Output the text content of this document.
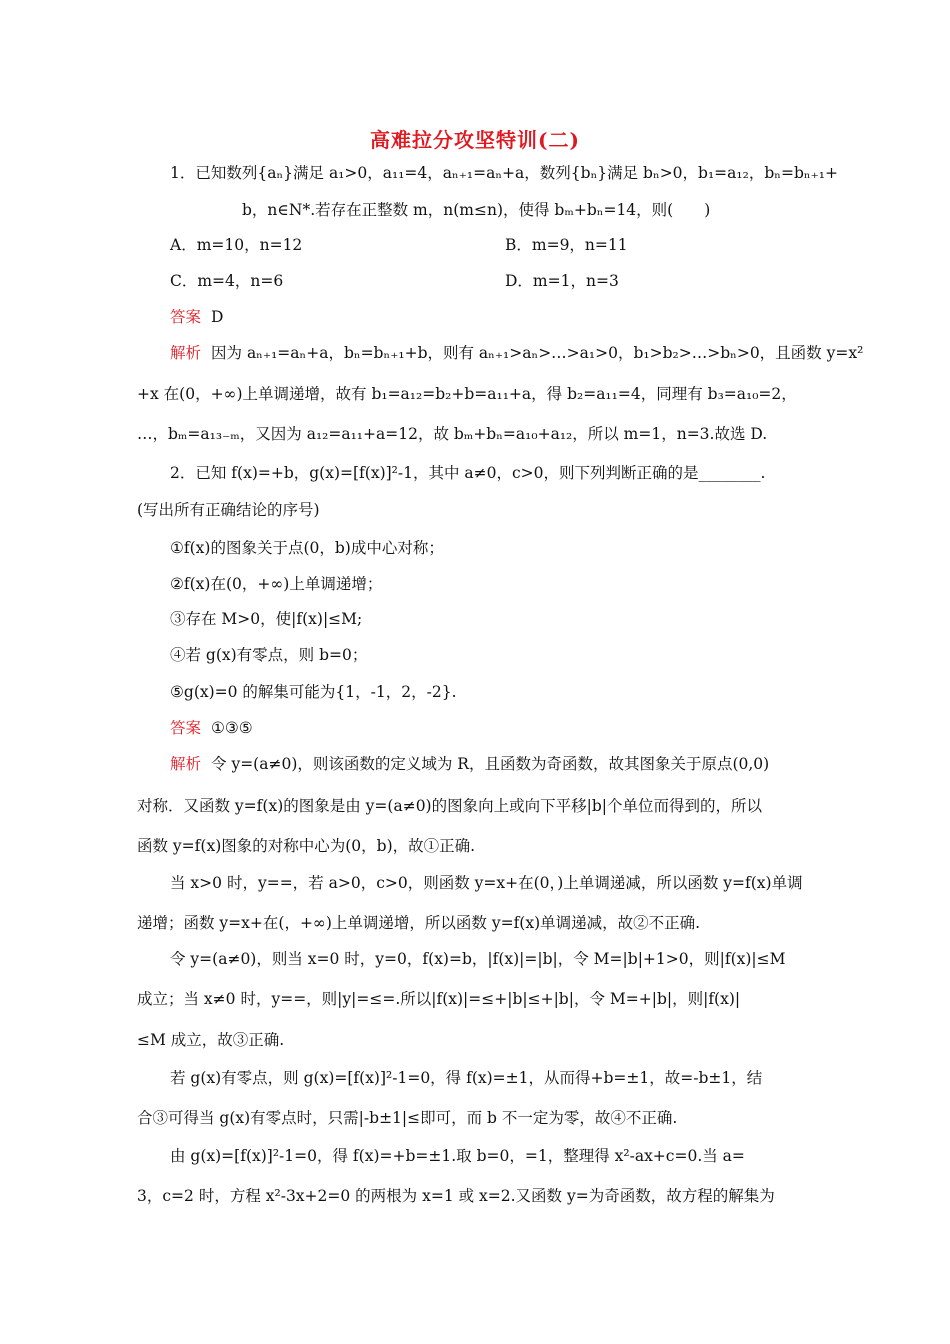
高难拉分攻坚特训(二)
1．已知数列{aₙ}满足 a₁>0，a₁₁=4，aₙ₊₁=aₙ+a，数列{bₙ}满足 bₙ>0，b₁=a₁₂，bₙ=bₙ₊₁+
b，n∈N*.若存在正整数 m，n(m≤n)，使得 bₘ+bₙ=14，则(　　)
A．m=10，n=12	B．m=9，n=11
C．m=4，n=6	D．m=1，n=3
答案 D
解析 因为 aₙ₊₁=aₙ+a，bₙ=bₙ₊₁+b，则有 aₙ₊₁>aₙ>…>a₁>0，b₁>b₂>…>bₙ>0，且函数 y=x²
+x 在(0，+∞)上单调递增，故有 b₁=a₁₂=b₂+b=a₁₁+a，得 b₂=a₁₁=4，同理有 b₃=a₁₀=2，
…，bₘ=a₁₃₋ₘ，又因为 a₁₂=a₁₁+a=12，故 bₘ+bₙ=a₁₀+a₁₂，所以 m=1，n=3.故选 D.
2．已知 f(x)=+b，g(x)=[f(x)]²-1，其中 a≠0，c>0，则下列判断正确的是________.
(写出所有正确结论的序号)
①f(x)的图象关于点(0，b)成中心对称；
②f(x)在(0，+∞)上单调递增；
③存在 M>0，使|f(x)|≤M;
④若 g(x)有零点，则 b=0；
⑤g(x)=0 的解集可能为{1，-1，2，-2}.
答案 ①③⑤
解析 令 y=(a≠0)，则该函数的定义域为 R，且函数为奇函数，故其图象关于原点(0,0)
对称．又函数 y=f(x)的图象是由 y=(a≠0)的图象向上或向下平移|b|个单位而得到的，所以
函数 y=f(x)图象的对称中心为(0，b)，故①正确.
当 x>0 时，y==，若 a>0，c>0，则函数 y=x+在(0，)上单调递减，所以函数 y=f(x)单调
递增；函数 y=x+在(，+∞)上单调递增，所以函数 y=f(x)单调递减，故②不正确.
令 y=(a≠0)，则当 x=0 时，y=0，f(x)=b，|f(x)|=|b|，令 M=|b|+1>0，则|f(x)|≤M
成立；当 x≠0 时，y==，则|y|=≤=.所以|f(x)|=≤+|b|≤+|b|，令 M=+|b|，则|f(x)|
≤M 成立，故③正确.
若 g(x)有零点，则 g(x)=[f(x)]²-1=0，得 f(x)=±1，从而得+b=±1，故=-b±1，结
合③可得当 g(x)有零点时，只需|-b±1|≤即可，而 b 不一定为零，故④不正确.
由 g(x)=[f(x)]²-1=0，得 f(x)=+b=±1.取 b=0，=1，整理得 x²-ax+c=0.当 a=
3，c=2 时，方程 x²-3x+2=0 的两根为 x=1 或 x=2.又函数 y=为奇函数，故方程的解集为
